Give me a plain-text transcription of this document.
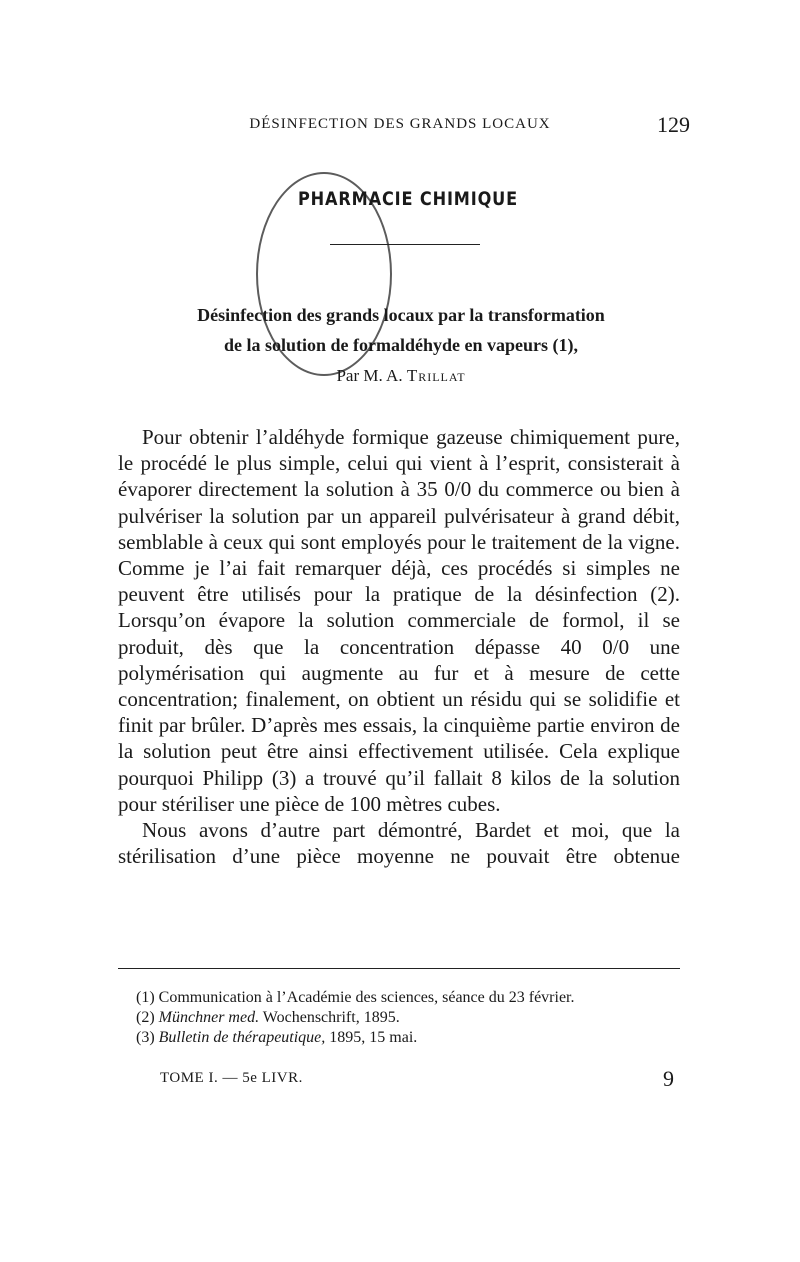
DÉSINFECTION DES GRANDS LOCAUX	129
PHARMACIE CHIMIQUE
Désinfection des grands locaux par la transformation
de la solution de formaldéhyde en vapeurs (1),
Par M. A. Trillat

Pour obtenir l’aldéhyde formique gazeuse chimiquement pure, le procédé le plus simple, celui qui vient à l’esprit, consisterait à évaporer directement la solution à 35 0/0 du commerce ou bien à pulvériser la solution par un appareil pulvérisateur à grand débit, semblable à ceux qui sont employés pour le traitement de la vigne. Comme je l’ai fait remarquer déjà, ces procédés si simples ne peuvent être utilisés pour la pratique de la désinfection (2). Lorsqu’on évapore la solution commerciale de formol, il se produit, dès que la concentration dépasse 40 0/0 une polymérisation qui augmente au fur et à mesure de cette concentration; finalement, on obtient un résidu qui se solidifie et finit par brûler. D’après mes essais, la cinquième partie environ de la solution peut être ainsi effectivement utilisée. Cela explique pourquoi Philipp (3) a trouvé qu’il fallait 8 kilos de la solution pour stériliser une pièce de 100 mètres cubes.

Nous avons d’autre part démontré, Bardet et moi, que la stérilisation d’une pièce moyenne ne pouvait être obtenue

(1) Communication à l’Académie des sciences, séance du 23 février.
(2) Münchner med. Wochenschrift, 1895.
(3) Bulletin de thérapeutique, 1895, 15 mai.
TOME I. — 5e LIVR.	9
